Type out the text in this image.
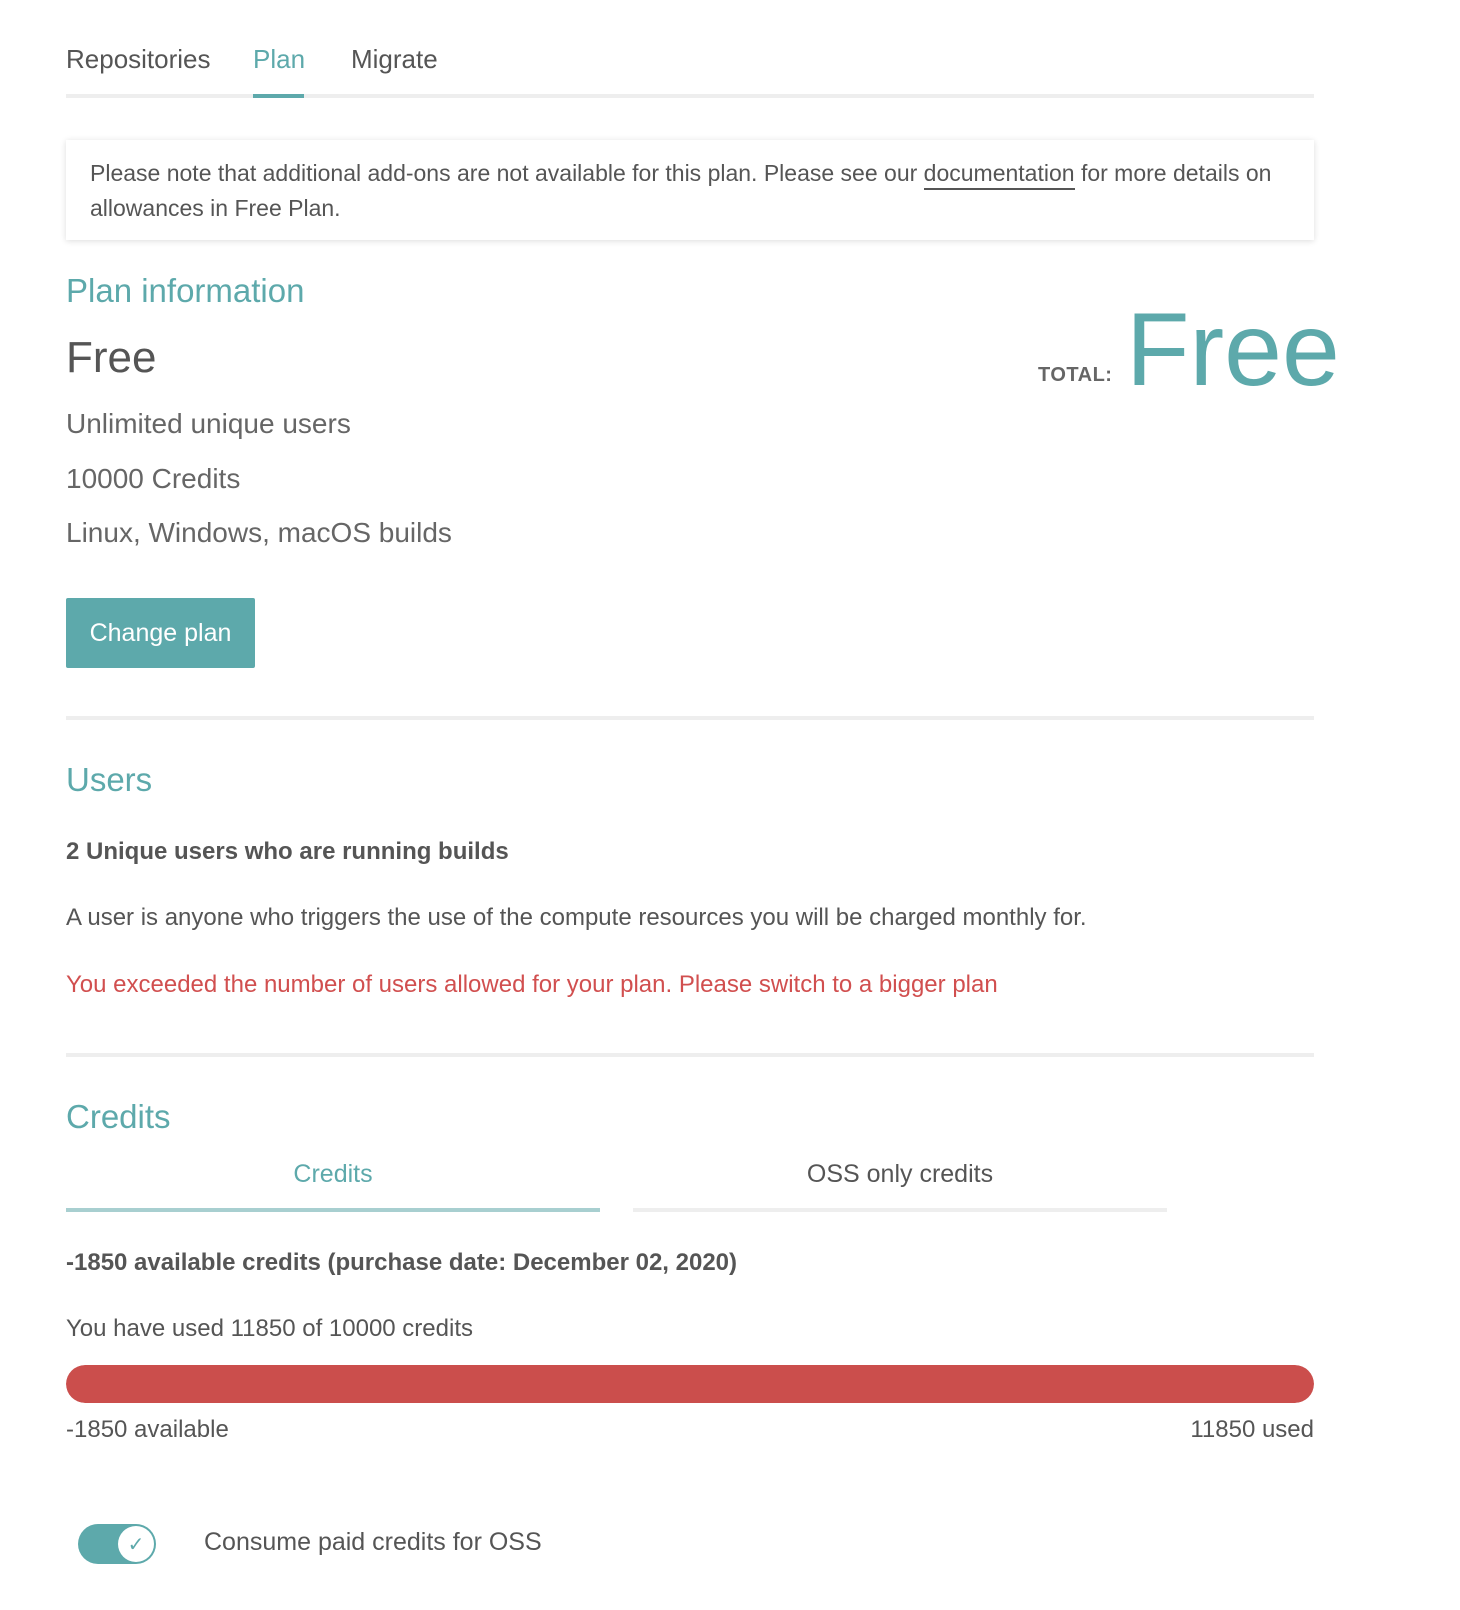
Repositories Plan Migrate
Please note that additional add-ons are not available for this plan. Please see our documentation for more details on allowances in Free Plan.
Plan information
Free
Unlimited unique users
10000 Credits
Linux, Windows, macOS builds
TOTAL: Free
Change plan
Users
2 Unique users who are running builds
A user is anyone who triggers the use of the compute resources you will be charged monthly for.
You exceeded the number of users allowed for your plan. Please switch to a bigger plan
Credits
Credits	OSS only credits
-1850 available credits (purchase date: December 02, 2020)
You have used 11850 of 10000 credits
-1850 available	11850 used
✓ Consume paid credits for OSS
